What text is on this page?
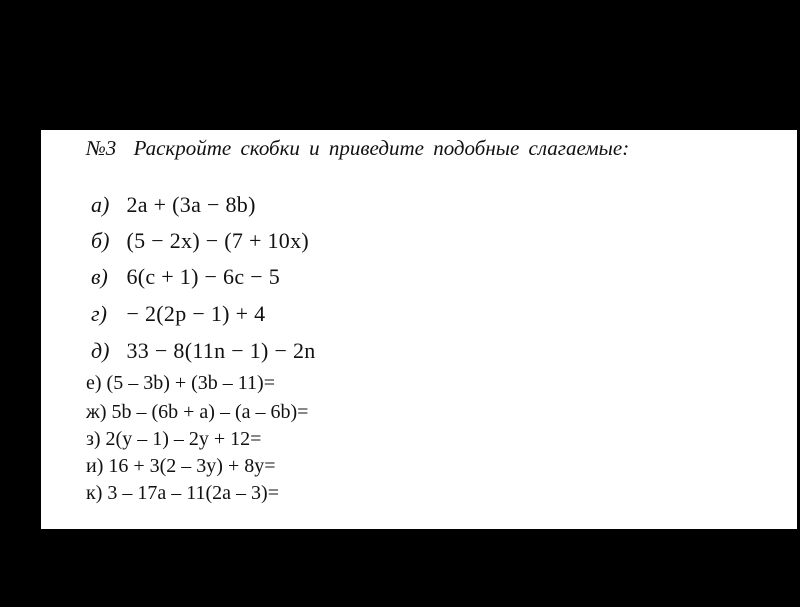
№3 Раскройте скобки и приведите подобные слагаемые:
а) 2a + (3a − 8b)
б) (5 − 2x) − (7 + 10x)
в) 6(c + 1) − 6c − 5
г) − 2(2p − 1) + 4
д) 33 − 8(11n − 1) − 2n
е) (5 – 3b) + (3b – 11)=
ж) 5b – (6b + a) – (a – 6b)=
з) 2(y – 1) – 2y + 12=
и) 16 + 3(2 – 3y) + 8y=
к) 3 – 17a – 11(2a – 3)=
